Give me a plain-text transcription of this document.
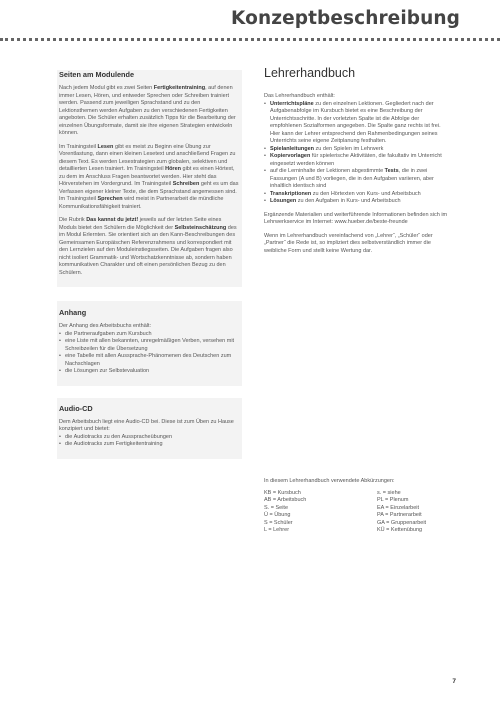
Konzeptbeschreibung
Seiten am Modulende

Nach jedem Modul gibt es zwei Seiten Fertigkeitentraining, auf denen immer Lesen, Hören, und entweder Sprechen oder Schreiben trainiert werden. Passend zum jeweiligen Sprachstand und zu den Lektionsthemen werden Aufgaben zu den verschiedenen Fertigkeiten angeboten. Die Schüler erhalten zusätzlich Tipps für die Bearbeitung der einzelnen Übungsformate, damit sie ihre eigenen Strategien entwickeln können.

Im Trainingsteil Lesen gibt es meist zu Beginn eine Übung zur Vorentlastung, dann einen kleinen Lesetext und anschließend Fragen zu diesem Text. Es werden Lesestrategien zum globalen, selektiven und detaillierten Lesen trainiert. Im Trainingsteil Hören gibt es einen Hörtext, zu dem im Anschluss Fragen beantwortet werden. Hier steht das Hörverstehen im Vordergrund. Im Trainingsteil Schreiben geht es um das Verfassen eigener kleiner Texte, die dem Sprachstand angemessen sind. Im Trainingsteil Sprechen wird meist in Partnerarbeit die mündliche Kommunikationsfähigkeit trainiert.

Die Rubrik Das kannst du jetzt! jeweils auf der letzten Seite eines Moduls bietet den Schülern die Möglichkeit der Selbsteinschätzung des im Modul Erlernten. Sie orientiert sich an den Kann-Beschreibungen des Gemeinsamen Europäischen Referenzrahmens und korrespondiert mit den Lernzielen auf den Moduleinstiegsseiten. Die Aufgaben fragen also nicht isoliert Grammatik- und Wortschatzkenntnisse ab, sondern haben kommunikativen Charakter und oft einen persönlichen Bezug zu den Schülern.

Anhang

Der Anhang des Arbeitsbuchs enthält:

• die Partneraufgaben zum Kursbuch
• eine Liste mit allen bekannten, unregelmäßigen Verben, versehen mit Schreibzeilen für die Übersetzung
• eine Tabelle mit allen Aussprache-Phänomenen des Deutschen zum Nachschlagen
• die Lösungen zur Selbstevaluation
Audio-CD

Dem Arbeitsbuch liegt eine Audio-CD bei. Diese ist zum Üben zu Hause konzipiert und bietet:

• die Audiotracks zu den Ausspracheübungen
• die Audiotracks zum Fertigkeitentraining
Lehrerhandbuch

Das Lehrerhandbuch enthält:

• Unterrichtspläne zu den einzelnen Lektionen. Gegliedert nach der Aufgabenabfolge im Kursbuch bietet es eine Beschreibung der Unterrichtsschritte. In der vorletzten Spalte ist die Abfolge der empfohlenen Sozialformen angegeben. Die Spalte ganz rechts ist frei. Hier kann der Lehrer entsprechend den Rahmenbedingungen seines Unterrichts seine eigene Zeitplanung festhalten.
• Spielanleitungen zu den Spielen im Lehrwerk
• Kopiervorlagen für spielerische Aktivitäten, die fakultativ im Unterricht eingesetzt werden können
• auf die Lerninhalte der Lektionen abgestimmte Tests, die in zwei Fassungen (A und B) vorliegen, die in den Aufgaben variieren, aber inhaltlich identisch sind
• Transkriptionen zu den Hörtexten von Kurs- und Arbeitsbuch
• Lösungen zu den Aufgaben in Kurs- und Arbeitsbuch

Ergänzende Materialien und weiterführende Informationen befinden sich im Lehrwerkservice im Internet: www.hueber.de/beste-freunde

Wenn im Lehrerhandbuch vereinfachend von „Lehrer“, „Schüler“ oder „Partner“ die Rede ist, so impliziert dies selbstverständlich immer die weibliche Form und stellt keine Wertung dar.

In diesem Lehrerhandbuch verwendete Abkürzungen:

KB = Kursbuch	s. = siehe
AB = Arbeitsbuch	PL = Plenum
S. = Seite	EA = Einzelarbeit
Ü = Übung	PA = Partnerarbeit
S = Schüler	GA = Gruppenarbeit
L = Lehrer	KÜ = Kettenübung
7
